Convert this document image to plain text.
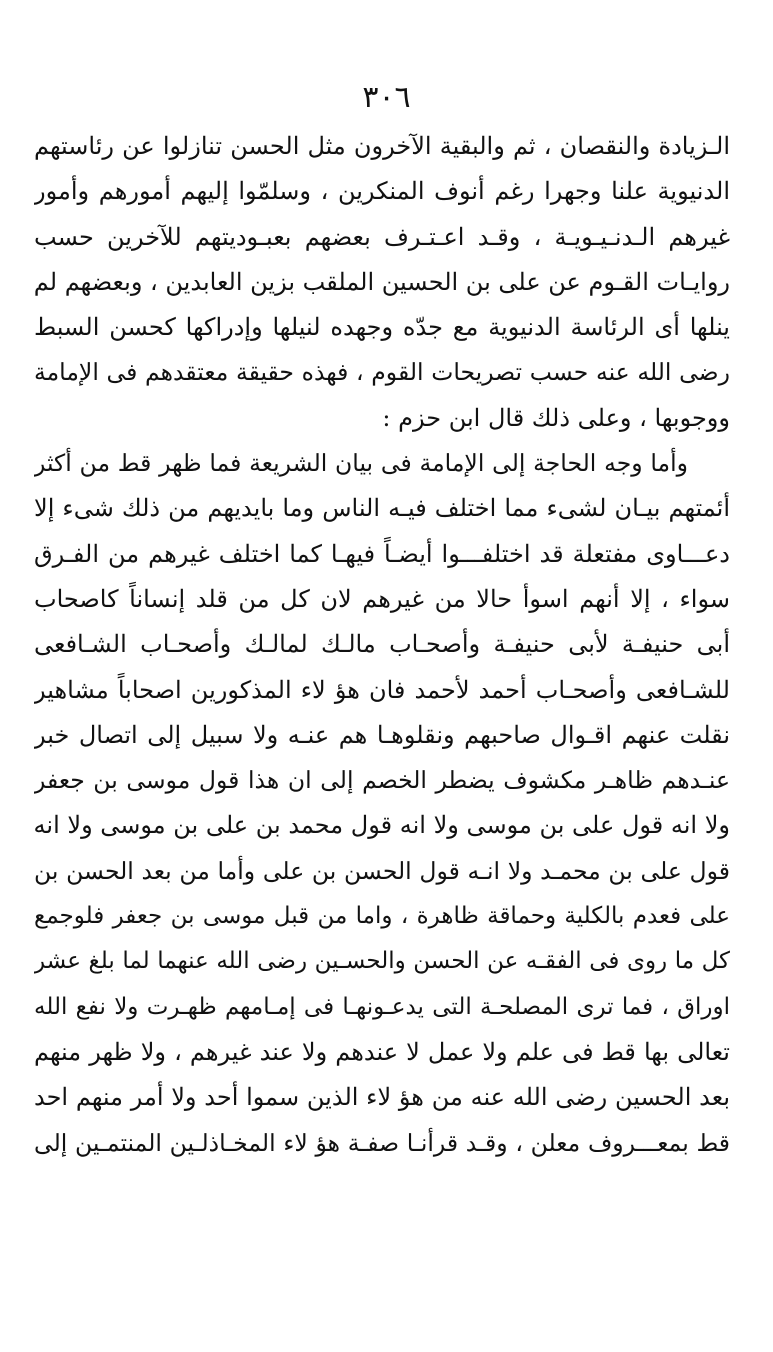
٣٠٦
الـزيادة والنقصان ، ثم والبقية الآخرون مثل الحسن تنازلوا عن رئاستهم
الدنيوية علنا وجهرا رغم أنوف المنكرين ، وسلمّوا إليهم أمورهم وأمور
غيرهم الـدنـيـويـة ، وقـد اعـتـرف بعضهم بعبـوديتهم للآخرين حسب
روايـات القـوم عن على بن الحسين الملقب بزين العابدين ، وبعضهم لم
ينلها أى الرئاسة الدنيوية مع جدّه وجهده لنيلها وإدراكها كحسن السبط
رضى الله عنه حسب تصريحات القوم ، فهذه حقيقة معتقدهم فى الإمامة
ووجوبها ، وعلى ذلك قال ابن حزم :
وأما وجه الحاجة إلى الإمامة فى بيان الشريعة فما ظهر قط من أكثر
أئمتهم بيـان لشىء مما اختلف فيـه الناس وما بايديهم من ذلك شىء إلا
دعـــاوى مفتعلة قد اختلفـــوا أيضـاً فيهـا كما اختلف غيرهم من الفـرق
سواء ، إلا أنهم اسوأ حالا من غيرهم لان كل من قلد إنساناً كاصحاب
أبى حنيفـة لأبى حنيفـة وأصحـاب مالـك لمالـك وأصحـاب الشـافعى
للشـافعى وأصحـاب أحمد لأحمد فان هؤ لاء المذكورين اصحاباً مشاهير
نقلت عنهم اقـوال صاحبهم ونقلوهـا هم عنـه ولا سبيل إلى اتصال خبر
عنـدهم ظاهـر مكشوف يضطر الخصم إلى ان هذا قول موسى بن جعفر
ولا انه قول على بن موسى ولا انه قول محمد بن على بن موسى ولا انه
قول على بن محمـد ولا انـه قول الحسن بن على وأما من بعد الحسن بن
على فعدم بالكلية وحماقة ظاهرة ، واما من قبل موسى بن جعفر فلوجمع
كل ما روى فى الفقـه عن الحسن والحسـين رضى الله عنهما لما بلغ عشر
اوراق ، فما ترى المصلحـة التى يدعـونهـا فى إمـامهم ظهـرت ولا نفع الله
تعالى بها قط فى علم ولا عمل لا عندهم ولا عند غيرهم ، ولا ظهر منهم
بعد الحسين رضى الله عنه من هؤ لاء الذين سموا أحد ولا أمر منهم احد
قط بمعـــروف معلن ، وقـد قرأنـا صفـة هؤ لاء المخـاذلـين المنتمـين إلى
